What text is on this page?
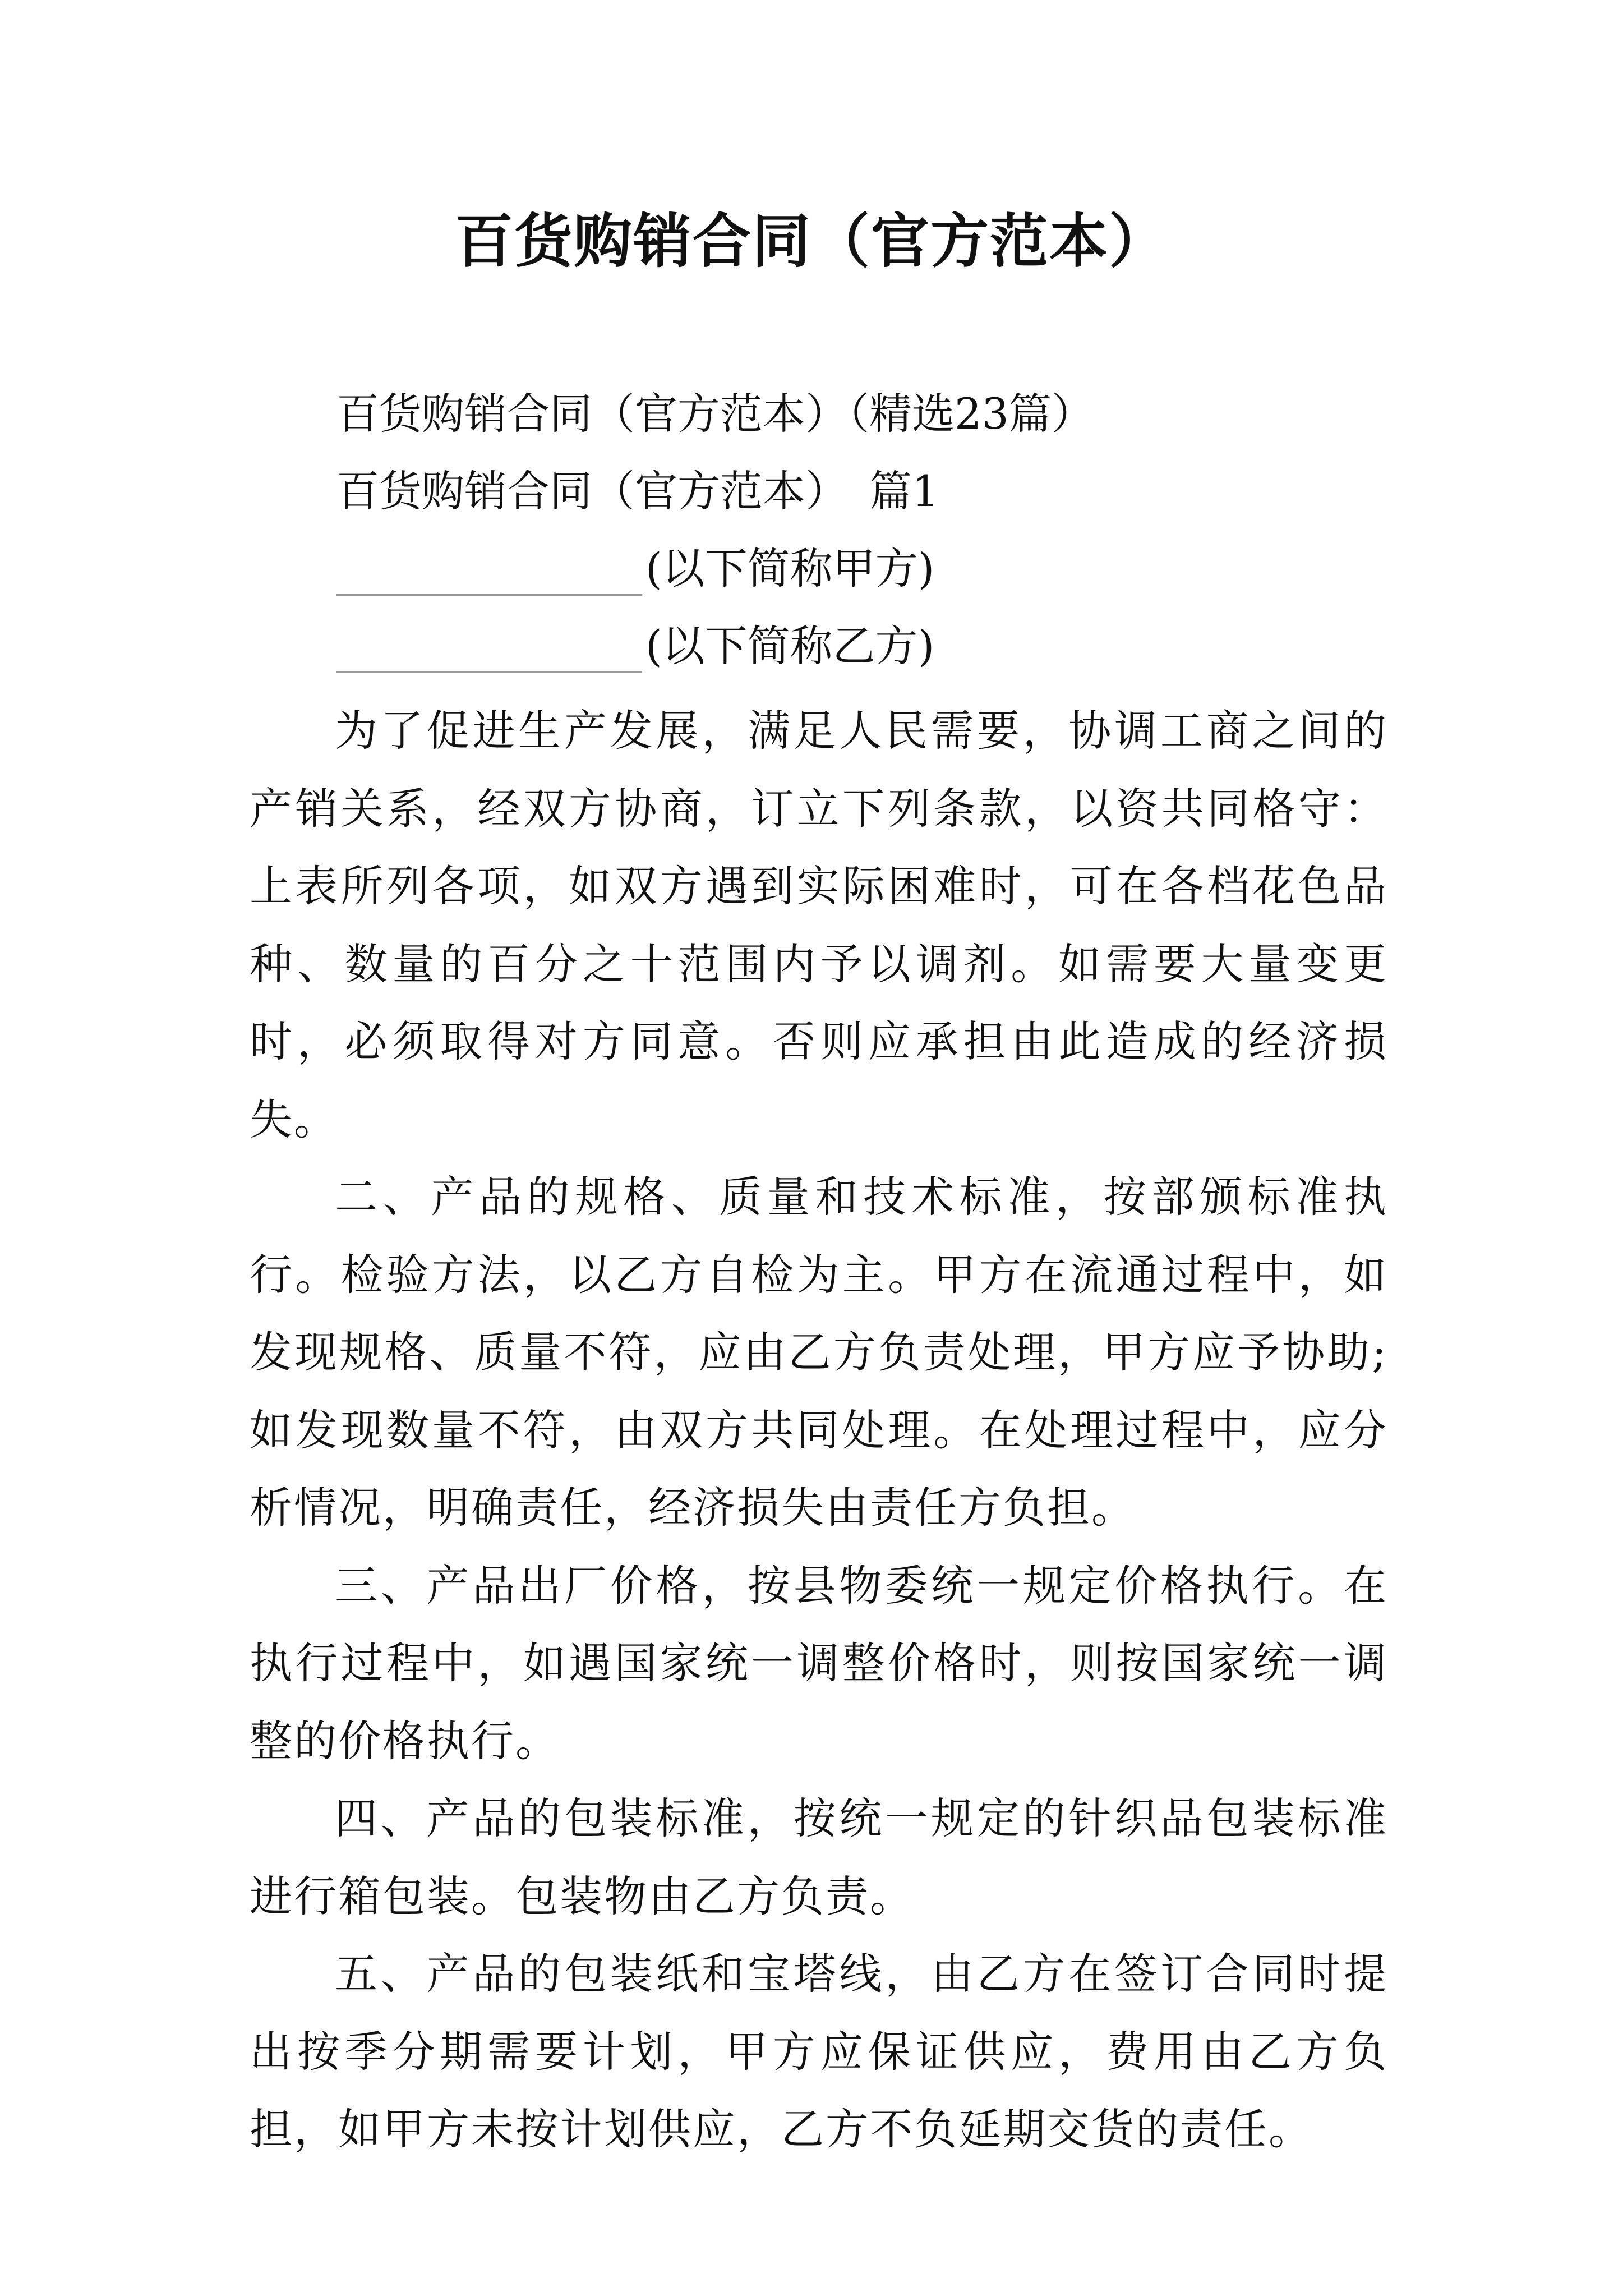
百货购销合同（官方范本）
百货购销合同（官方范本）（精选23篇）
百货购销合同（官方范本）　篇1
(以下简称甲方)
(以下简称乙方)

为了促进生产发展，满足人民需要，协调工商之间的产销关系，经双方协商，订立下列条款，以资共同格守：上表所列各项，如双方遇到实际困难时，可在各档花色品种、数量的百分之十范围内予以调剂。如需要大量变更时，必须取得对方同意。否则应承担由此造成的经济损失。

二、产品的规格、质量和技术标准，按部颁标准执行。检验方法，以乙方自检为主。甲方在流通过程中，如发现规格、质量不符，应由乙方负责处理，甲方应予协助;如发现数量不符，由双方共同处理。在处理过程中，应分析情况，明确责任，经济损失由责任方负担。

三、产品出厂价格，按县物委统一规定价格执行。在执行过程中，如遇国家统一调整价格时，则按国家统一调整的价格执行。

四、产品的包装标准，按统一规定的针织品包装标准进行箱包装。包装物由乙方负责。

五、产品的包装纸和宝塔线，由乙方在签订合同时提出按季分期需要计划，甲方应保证供应，费用由乙方负担，如甲方未按计划供应，乙方不负延期交货的责任。
